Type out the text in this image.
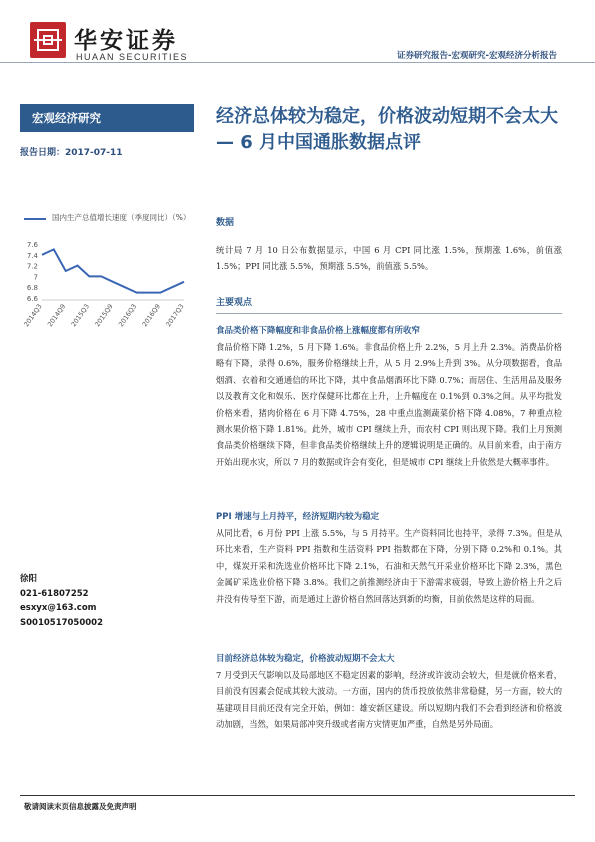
华安证券
HUAAN SECURITIES	证券研究报告-宏观研究-宏观经济分析报告
宏观经济研究
报告日期：2017-07-11
国内生产总值增长速度（季度同比）（%）
7.6
7.4
7.2
7
6.8
6.6
2014Q3 2014Q9 2015Q3 2015Q9 2016Q3 2016Q9 2017Q3
徐阳
021-61807252
esxyx@163.com
S0010517050002
经济总体较为稳定，价格波动短期不会太大 — 6 月中国通胀数据点评
数据
统计局 7 月 10 日公布数据显示，中国 6 月 CPI 同比涨 1.5%，预期涨 1.6%，前值涨 1.5%；PPI 同比涨 5.5%，预期涨 5.5%，前值涨 5.5%。
主要观点
食品类价格下降幅度和非食品价格上涨幅度都有所收窄
食品价格下降 1.2%，5 月下降 1.6%。非食品价格上升 2.2%，5 月上升 2.3%。消费品价格略有下降，录得 0.6%，服务价格继续上升，从 5 月 2.9%上升到 3%。从分项数据看，食品烟酒、衣着和交通通信的环比下降，其中食品烟酒环比下降 0.7%；而居住、生活用品及服务以及教育文化和娱乐、医疗保健环比都在上升，上升幅度在 0.1%到 0.3%之间。从平均批发价格来看，猪肉价格在 6 月下降 4.75%，28 中重点监测蔬菜价格下降 4.08%，7 种重点检测水果价格下降 1.81%。此外，城市 CPI 继续上升，而农村 CPI 则出现下降。我们上月预测食品类价格继续下降，但非食品类价格继续上升的逻辑说明是正确的。从目前来看，由于南方开始出现水灾，所以 7 月的数据或许会有变化，但是城市 CPI 继续上升依然是大概率事件。
PPI 增速与上月持平，经济短期内较为稳定
从同比看，6 月份 PPI 上涨 5.5%，与 5 月持平。生产资料同比也持平，录得 7.3%。但是从环比来看，生产资料 PPI 指数和生活资料 PPI 指数都在下降，分别下降 0.2%和 0.1%。其中，煤炭开采和洗选业价格环比下降 2.1%，石油和天然气开采业价格环比下降 2.3%，黑色金属矿采选业价格下降 3.8%。我们之前推测经济由于下游需求疲弱，导致上游价格上升之后并没有传导至下游，而是通过上游价格自然回落达到新的均衡，目前依然是这样的局面。
目前经济总体较为稳定，价格波动短期不会太大
7 月受到天气影响以及局部地区不稳定因素的影响，经济或许波动会较大，但是就价格来看，目前没有因素会促成其较大波动。一方面，国内的货币投放依然非常稳健，另一方面，较大的基建项目目前还没有完全开始，例如：雄安新区建设。所以短期内我们不会看到经济和价格波动加剧，当然，如果局部冲突升级或者南方灾情更加严重，自然是另外局面。
敬请阅读末页信息披露及免责声明
